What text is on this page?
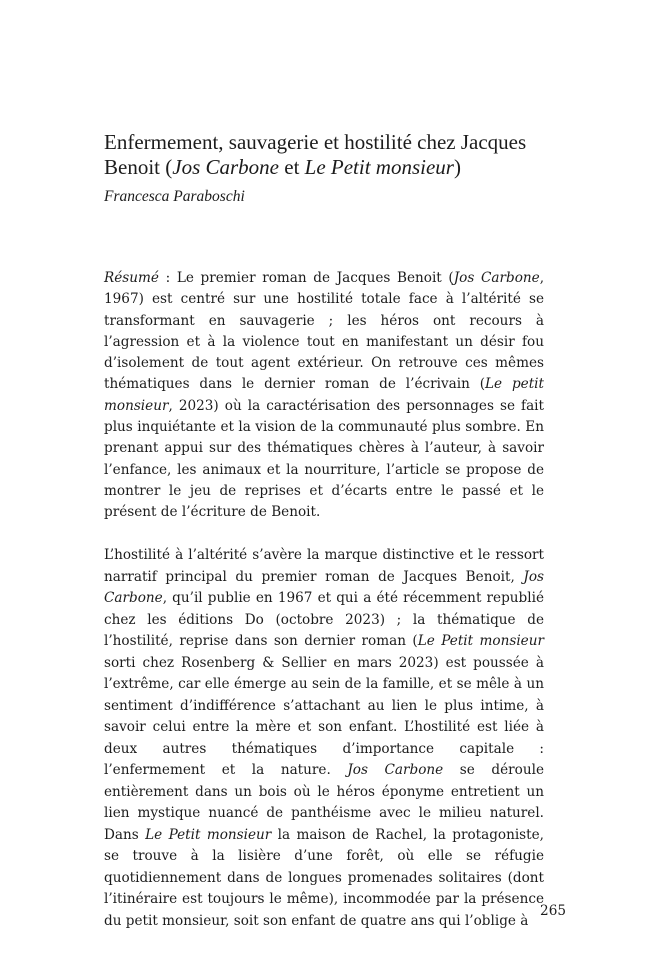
Enfermement, sauvagerie et hostilité chez Jacques
Benoit (Jos Carbone et Le Petit monsieur)

Francesca Paraboschi

Résumé : Le premier roman de Jacques Benoit (Jos Carbone, 1967) est centré sur une hostilité totale face à l’altérité se transformant en sauvagerie ; les héros ont recours à l’agression et à la violence tout en manifestant un désir fou d’isolement de tout agent extérieur. On retrouve ces mêmes thématiques dans le dernier roman de l’écrivain (Le petit monsieur, 2023) où la caractérisation des personnages se fait plus inquiétante et la vision de la communauté plus sombre. En prenant appui sur des thématiques chères à l’auteur, à savoir l’enfance, les animaux et la nourriture, l’article se propose de montrer le jeu de reprises et d’écarts entre le passé et le présent de l’écriture de Benoit.

L’hostilité à l’altérité s’avère la marque distinctive et le ressort narratif principal du premier roman de Jacques Benoit, Jos Carbone, qu’il publie en 1967 et qui a été récemment republié chez les éditions Do (octobre 2023) ; la thématique de l’hostilité, reprise dans son dernier roman (Le Petit monsieur sorti chez Rosenberg & Sellier en mars 2023) est poussée à l’extrême, car elle émerge au sein de la famille, et se mêle à un sentiment d’indifférence s’attachant au lien le plus intime, à savoir celui entre la mère et son enfant. L’hostilité est liée à deux autres thématiques d’importance capitale : l’enfermement et la nature. Jos Carbone se déroule entièrement dans un bois où le héros éponyme entretient un lien mystique nuancé de panthéisme avec le milieu naturel. Dans Le Petit monsieur la maison de Rachel, la protagoniste, se trouve à la lisière d’une forêt, où elle se réfugie quotidiennement dans de longues promenades solitaires (dont l’itinéraire est toujours le même), incommodée par la présence du petit monsieur, soit son enfant de quatre ans qui l’oblige à

265
